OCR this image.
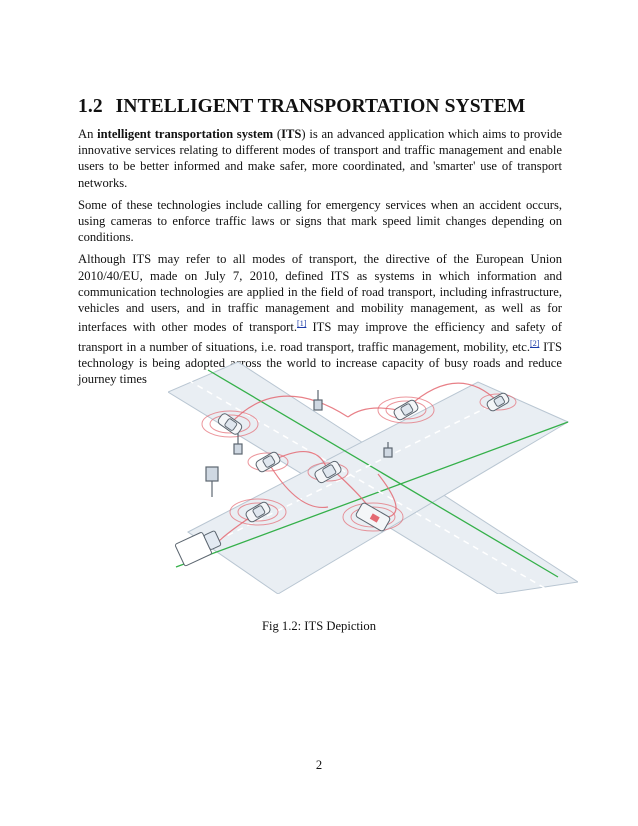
1.2 INTELLIGENT TRANSPORTATION SYSTEM

An intelligent transportation system (ITS) is an advanced application which aims to provide innovative services relating to different modes of transport and traffic management and enable users to be better informed and make safer, more coordinated, and 'smarter' use of transport networks.

Some of these technologies include calling for emergency services when an accident occurs, using cameras to enforce traffic laws or signs that mark speed limit changes depending on conditions.

Although ITS may refer to all modes of transport, the directive of the European Union 2010/40/EU, made on July 7, 2010, defined ITS as systems in which information and communication technologies are applied in the field of road transport, including infrastructure, vehicles and users, and in traffic management and mobility management, as well as for interfaces with other modes of transport.[1] ITS may improve the efficiency and safety of transport in a number of situations, i.e. road transport, traffic management, mobility, etc.[2] ITS technology is being adopted across the world to increase capacity of busy roads and reduce journey times

Fig 1.2: ITS Depiction
2
